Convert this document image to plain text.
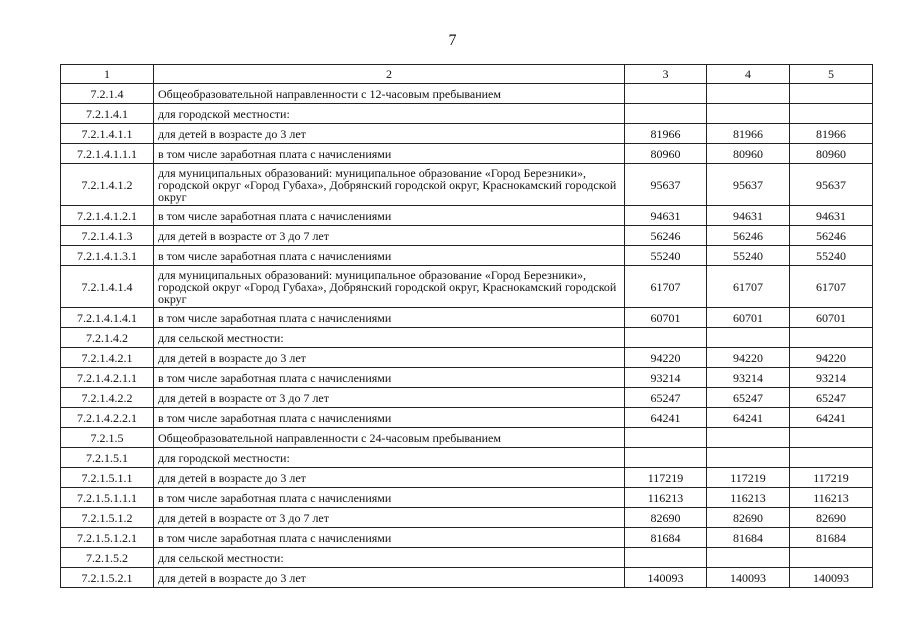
7
1	2	3	4	5
7.2.1.4	Общеобразовательной направленности с 12-часовым пребыванием			
7.2.1.4.1	для городской местности:			
7.2.1.4.1.1	для детей в возрасте до 3 лет	81966	81966	81966
7.2.1.4.1.1.1	в том числе заработная плата с начислениями	80960	80960	80960
7.2.1.4.1.2	для муниципальных образований: муниципальное образование «Город Березники», городской округ «Город Губаха», Добрянский городской округ, Краснокамский городской округ	95637	95637	95637
7.2.1.4.1.2.1	в том числе заработная плата с начислениями	94631	94631	94631
7.2.1.4.1.3	для детей в возрасте от 3 до 7 лет	56246	56246	56246
7.2.1.4.1.3.1	в том числе заработная плата с начислениями	55240	55240	55240
7.2.1.4.1.4	для муниципальных образований: муниципальное образование «Город Березники», городской округ «Город Губаха», Добрянский городской округ, Краснокамский городской округ	61707	61707	61707
7.2.1.4.1.4.1	в том числе заработная плата с начислениями	60701	60701	60701
7.2.1.4.2	для сельской местности:			
7.2.1.4.2.1	для детей в возрасте до 3 лет	94220	94220	94220
7.2.1.4.2.1.1	в том числе заработная плата с начислениями	93214	93214	93214
7.2.1.4.2.2	для детей в возрасте от 3 до 7 лет	65247	65247	65247
7.2.1.4.2.2.1	в том числе заработная плата с начислениями	64241	64241	64241
7.2.1.5	Общеобразовательной направленности с 24-часовым пребыванием			
7.2.1.5.1	для городской местности:			
7.2.1.5.1.1	для детей в возрасте до 3 лет	117219	117219	117219
7.2.1.5.1.1.1	в том числе заработная плата с начислениями	116213	116213	116213
7.2.1.5.1.2	для детей в возрасте от 3 до 7 лет	82690	82690	82690
7.2.1.5.1.2.1	в том числе заработная плата с начислениями	81684	81684	81684
7.2.1.5.2	для сельской местности:			
7.2.1.5.2.1	для детей в возрасте до 3 лет	140093	140093	140093
